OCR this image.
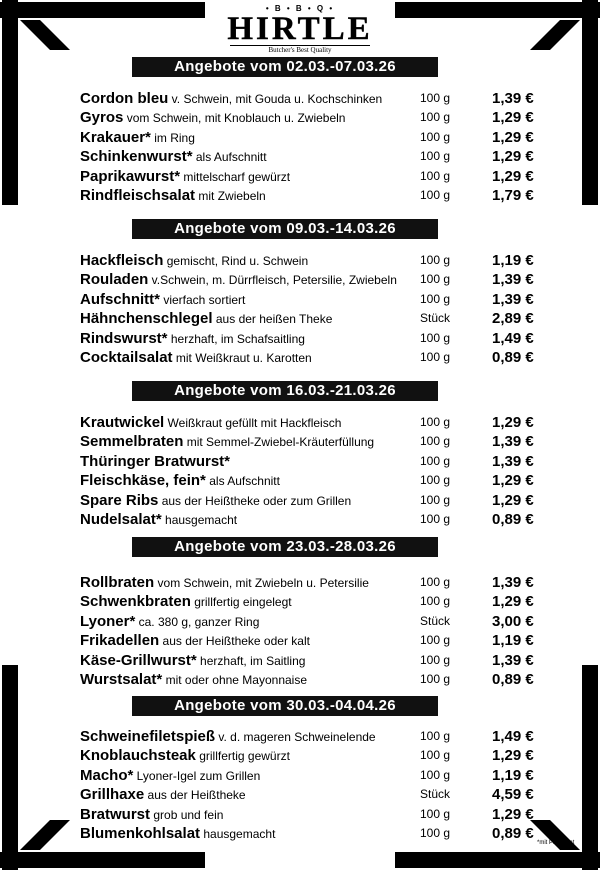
• B • B • Q •
HIRTLE
Butcher's Best Quality
Angebote vom 02.03.-07.03.26
Cordon bleu v. Schwein, mit Gouda u. Kochschinken	100 g	1,39 €
Gyros vom Schwein, mit Knoblauch u. Zwiebeln	100 g	1,29 €
Krakauer* im Ring	100 g	1,29 €
Schinkenwurst* als Aufschnitt	100 g	1,29 €
Paprikawurst* mittelscharf gewürzt	100 g	1,29 €
Rindfleischsalat mit Zwiebeln	100 g	1,79 €
Angebote vom 09.03.-14.03.26
Hackfleisch gemischt, Rind u. Schwein	100 g	1,19 €
Rouladen v.Schwein, m. Dürrfleisch, Petersilie, Zwiebeln 100 g	1,39 €
Aufschnitt* vierfach sortiert	100 g	1,39 €
Hähnchenschlegel aus der heißen Theke	Stück	2,89 €
Rindswurst* herzhaft, im Schafsaitling	100 g	1,49 €
Cocktailsalat mit Weißkraut u. Karotten	100 g	0,89 €
Angebote vom 16.03.-21.03.26
Krautwickel Weißkraut gefüllt mit Hackfleisch	100 g	1,29 €
Semmelbraten mit Semmel-Zwiebel-Kräuterfüllung	100 g	1,39 €
Thüringer Bratwurst*	100 g	1,39 €
Fleischkäse, fein* als Aufschnitt	100 g	1,29 €
Spare Ribs aus der Heißtheke oder zum Grillen	100 g	1,29 €
Nudelsalat* hausgemacht	100 g	0,89 €
Angebote vom 23.03.-28.03.26
Rollbraten vom Schwein, mit Zwiebeln u. Petersilie	100 g	1,39 €
Schwenkbraten grillfertig eingelegt	100 g	1,29 €
Lyoner* ca. 380 g, ganzer Ring	Stück	3,00 €
Frikadellen aus der Heißtheke oder kalt	100 g	1,19 €
Käse-Grillwurst* herzhaft, im Saitling	100 g	1,39 €
Wurstsalat* mit oder ohne Mayonnaise	100 g	0,89 €
Angebote vom 30.03.-04.04.26
Schweinefiletspieß v. d. mageren Schweinelende	100 g	1,49 €
Knoblauchsteak grillfertig gewürzt	100 g	1,29 €
Macho* Lyoner-Igel zum Grillen	100 g	1,19 €
Grillhaxe aus der Heißtheke	Stück	4,59 €
Bratwurst grob und fein	100 g	1,29 €
Blumenkohlsalat hausgemacht	100 g	0,89 €
*mit Phosphat
